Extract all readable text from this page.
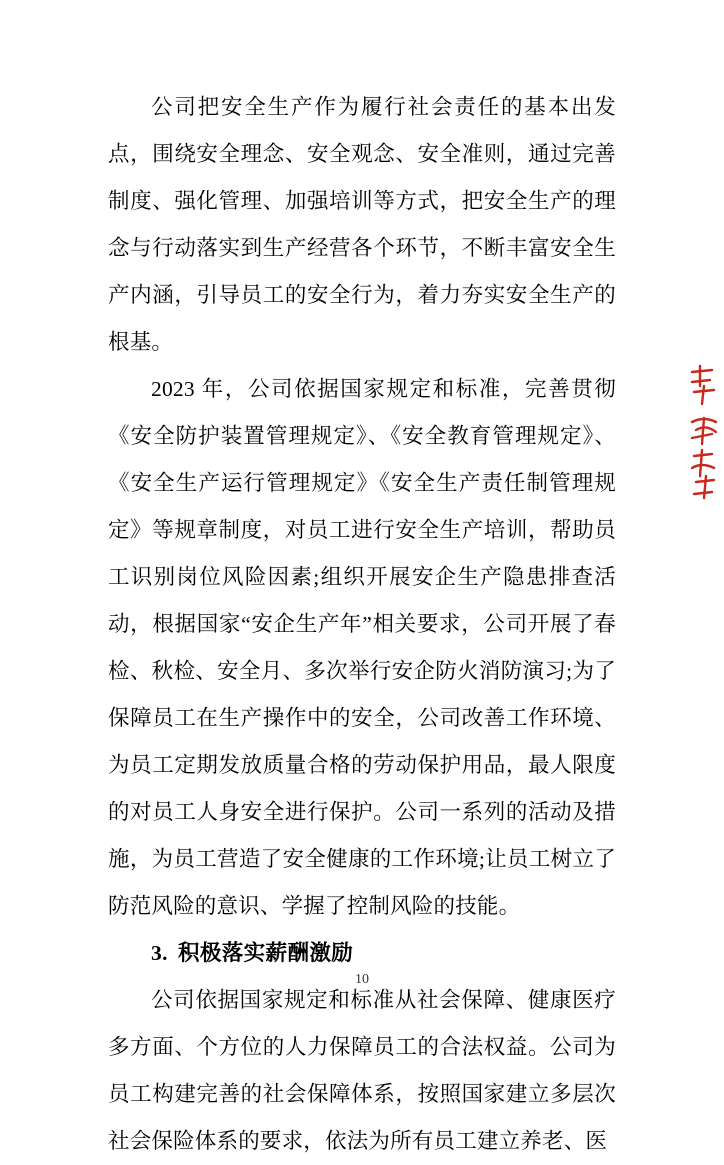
公司把安全生产作为履行社会责任的基本出发点，围绕安全理念、安全观念、安全准则，通过完善制度、强化管理、加强培训等方式，把安全生产的理念与行动落实到生产经营各个环节，不断丰富安全生产内涵，引导员工的安全行为，着力夯实安全生产的根基。

2023 年，公司依据国家规定和标准，完善贯彻《安全防护装置管理规定》、《安全教育管理规定》、《安全生产运行管理规定》《安全生产责任制管理规定》等规章制度，对员工进行安全生产培训，帮助员工识别岗位风险因素;组织开展安企生产隐患排查活动，根据国家“安企生产年”相关要求，公司开展了春检、秋检、安全月、多次举行安企防火消防演习;为了保障员工在生产操作中的安全，公司改善工作环境、为员工定期发放质量合格的劳动保护用品，最人限度的对员工人身安全进行保护。公司一系列的活动及措施，为员工营造了安全健康的工作环境;让员工树立了防范风险的意识、学握了控制风险的技能。

3. 积极落实薪酬激励

公司依据国家规定和标准从社会保障、健康医疗多方面、个方位的人力保障员工的合法权益。公司为员工构建完善的社会保障体系，按照国家建立多层次社会保险体系的要求，依法为所有员工建立养老、医

10
